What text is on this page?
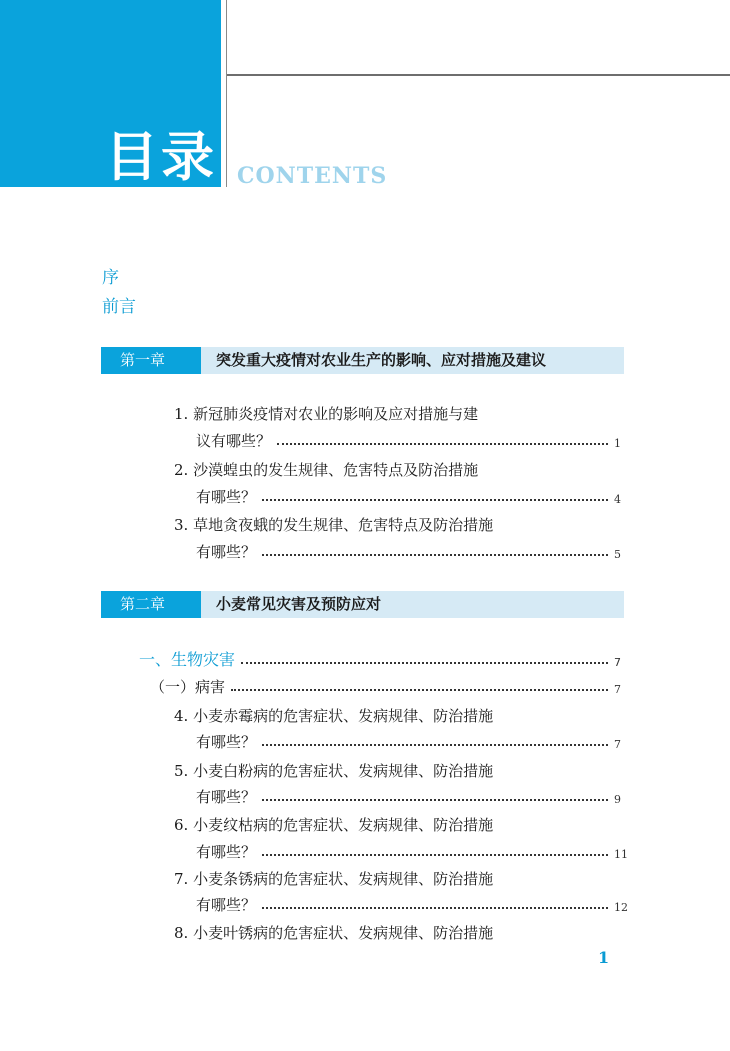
目录 CONTENTS
序
前言
第一章	突发重大疫情对农业生产的影响、应对措施及建议
1. 新冠肺炎疫情对农业的影响及应对措施与建
议有哪些？	1
2. 沙漠蝗虫的发生规律、危害特点及防治措施
有哪些？	4
3. 草地贪夜蛾的发生规律、危害特点及防治措施
有哪些？	5
第二章	小麦常见灾害及预防应对
一、生物灾害	7
（一）病害	7
4. 小麦赤霉病的危害症状、发病规律、防治措施
有哪些？	7
5. 小麦白粉病的危害症状、发病规律、防治措施
有哪些？	9
6. 小麦纹枯病的危害症状、发病规律、防治措施
有哪些？	11
7. 小麦条锈病的危害症状、发病规律、防治措施
有哪些？	12
8. 小麦叶锈病的危害症状、发病规律、防治措施
1
